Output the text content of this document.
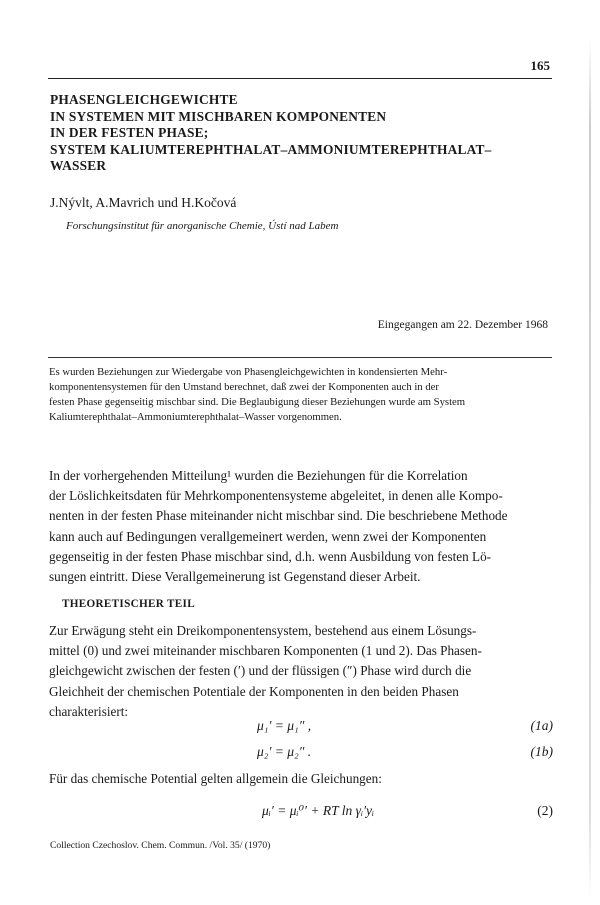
165
PHASENGLEICHGEWICHTE
IN SYSTEMEN MIT MISCHBAREN KOMPONENTEN
IN DER FESTEN PHASE;
SYSTEM KALIUMTEREPHTHALAT–AMMONIUMTEREPHTHALAT–
WASSER
J.Nývlt, A.Mavrich und H.Kočová
Forschungsinstitut für anorganische Chemie, Ústí nad Labem
Eingegangen am 22. Dezember 1968
Es wurden Beziehungen zur Wiedergabe von Phasengleichgewichten in kondensierten Mehr-
komponentensystemen für den Umstand berechnet, daß zwei der Komponenten auch in der
festen Phase gegenseitig mischbar sind. Die Beglaubigung dieser Beziehungen wurde am System
Kaliumterephthalat–Ammoniumterephthalat–Wasser vorgenommen.
In der vorhergehenden Mitteilung¹ wurden die Beziehungen für die Korrelation
der Löslichkeitsdaten für Mehrkomponentensysteme abgeleitet, in denen alle Kompo-
nenten in der festen Phase miteinander nicht mischbar sind. Die beschriebene Methode
kann auch auf Bedingungen verallgemeinert werden, wenn zwei der Komponenten
gegenseitig in der festen Phase mischbar sind, d.h. wenn Ausbildung von festen Lö-
sungen eintritt. Diese Verallgemeinerung ist Gegenstand dieser Arbeit.
THEORETISCHER TEIL
Zur Erwägung steht ein Dreikomponentensystem, bestehend aus einem Lösungs-
mittel (0) und zwei miteinander mischbaren Komponenten (1 und 2). Das Phasen-
gleichgewicht zwischen der festen (′) und der flüssigen (″) Phase wird durch die
Gleichheit der chemischen Potentiale der Komponenten in den beiden Phasen
charakterisiert:
μ₁′ = μ₁″ ,	(1a)
μ₂′ = μ₂″ .	(1b)
Für das chemische Potential gelten allgemein die Gleichungen:
μᵢ′ = μᵢ⁰′ + RT ln γᵢ′yᵢ	(2)
Collection Czechoslov. Chem. Commun. /Vol. 35/ (1970)
